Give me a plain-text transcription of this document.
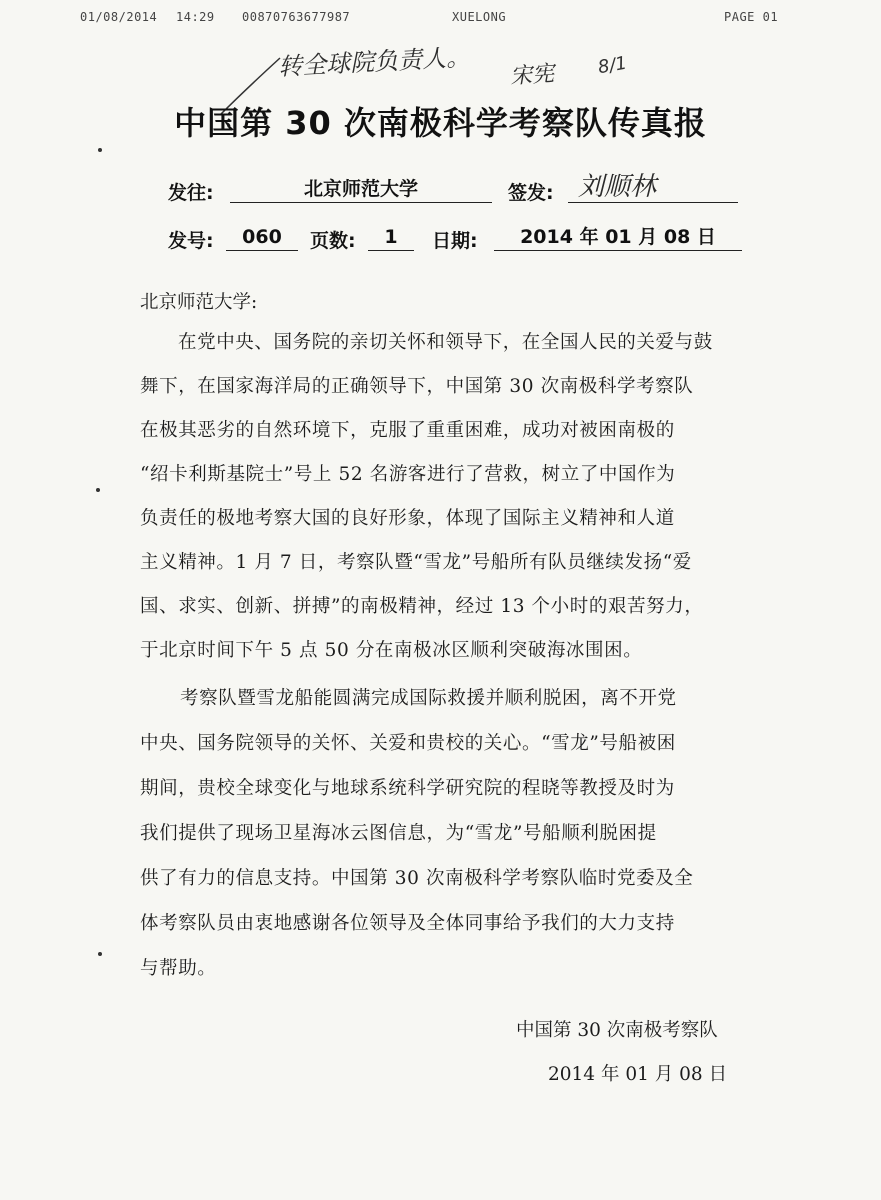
01/08/2014 14:29 00870763677987	XUELONG	PAGE 01
转全球院负责人。 宋宪 8/1
中国第 30 次南极科学考察队传真报
发往:	北京师范大学	签发: 刘顺林
发号:	060	页数:	1	日期:	2014 年 01 月 08 日
北京师范大学:
在党中央、国务院的亲切关怀和领导下，在全国人民的关爱与鼓
舞下，在国家海洋局的正确领导下，中国第 30 次南极科学考察队
在极其恶劣的自然环境下，克服了重重困难，成功对被困南极的
“绍卡利斯基院士”号上 52 名游客进行了营救，树立了中国作为
负责任的极地考察大国的良好形象，体现了国际主义精神和人道
主义精神。1 月 7 日，考察队暨“雪龙”号船所有队员继续发扬“爱
国、求实、创新、拼搏”的南极精神，经过 13 个小时的艰苦努力，
于北京时间下午 5 点 50 分在南极冰区顺利突破海冰围困。
考察队暨雪龙船能圆满完成国际救援并顺利脱困，离不开党
中央、国务院领导的关怀、关爱和贵校的关心。“雪龙”号船被困
期间，贵校全球变化与地球系统科学研究院的程晓等教授及时为
我们提供了现场卫星海冰云图信息，为“雪龙”号船顺利脱困提
供了有力的信息支持。中国第 30 次南极科学考察队临时党委及全
体考察队员由衷地感谢各位领导及全体同事给予我们的大力支持
与帮助。
中国第 30 次南极考察队
2014 年 01 月 08 日
